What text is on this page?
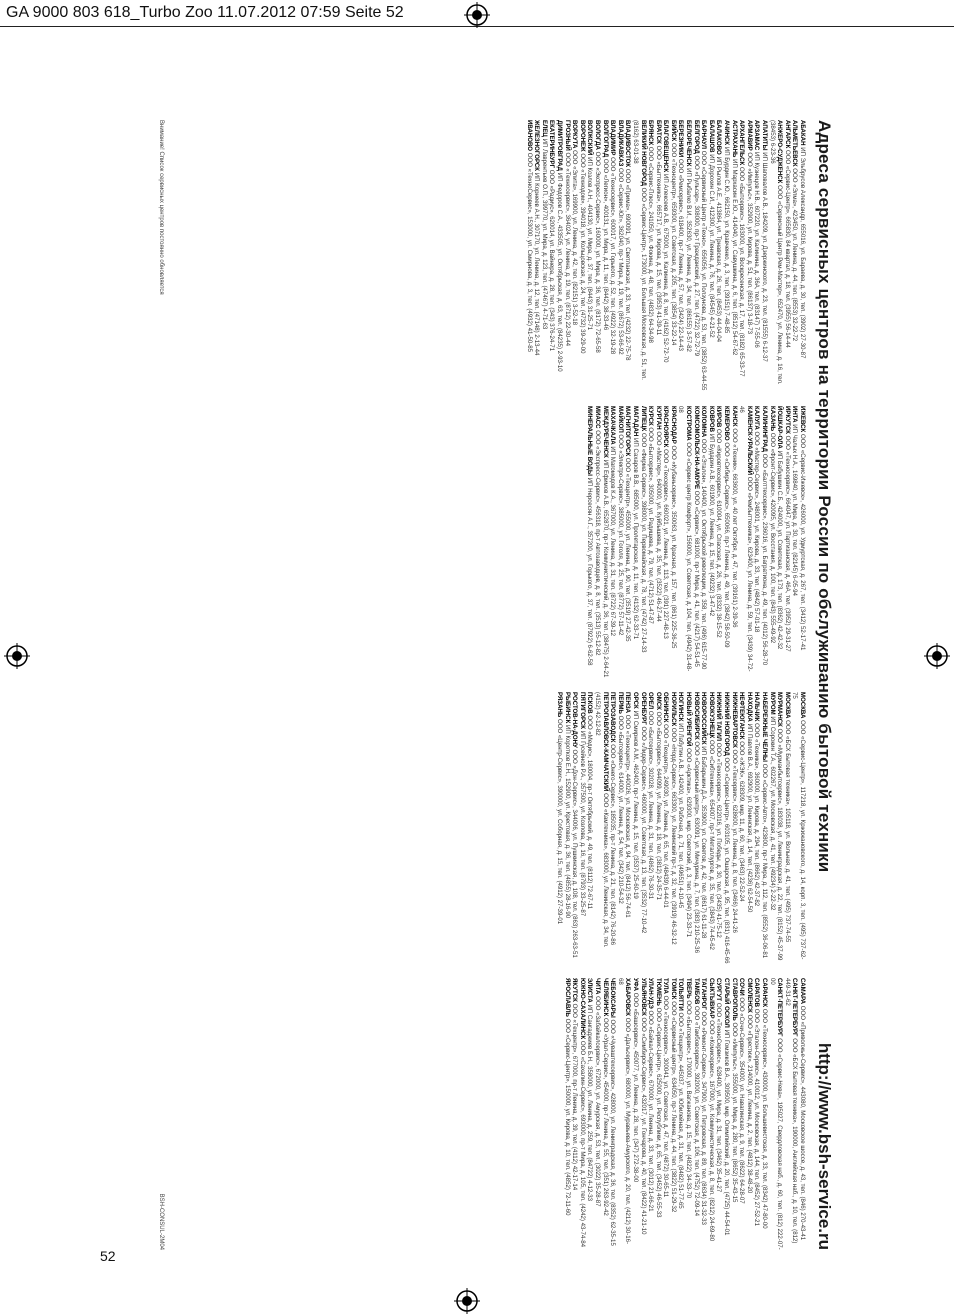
GA 9000 803 618_Turbo Zoo 11.07.2012 07:59 Seite 52
Адреса сервисных центров на территории России по обслуживанию бытовой техники
http://www.bsh-service.ru

АБАКАН ИП Эльбрусов Александр, 655016, ул. Бараева, д. 30, тел. (3902) 27-30-87

АЛЬМЕТЬЕВСК ООО «Элма», 423450, ул. Ленина, д. 44, тел. (8553) 32-22-72

АНГАРСК ООО «Сервис-Центр», 665830, 84 квартал, д. 18, тел. (3955) 56-14-44

АНЖЕРО-СУДЖЕНСК ООО «Сервисный Центр Рем-Мастер», 652470, ул. Ленина, д. 16, тел. (38453) 6-23-36

АПАТИТЫ ИП Шаповалов А.В., 184209, ул. Дзержинского, д. 23, тел. (81555) 6-12-37

АРЗАМАС ИП Кузнецов Н.В., 607220, ул. Калинина, д. 36А, тел. (83147) 7-55-06

АРМАВИР ООО «Импульс», 352900, ул. Кирова, д. 51, тел. (86137) 3-18-73

АРХАНГЕЛЬСК ООО «Бытсервис», 163000, ул. Воскресенская, д. 17, тел. (8182) 65-33-77

АСТРАХАНЬ ИП Мархасин Е.Ю., 414040, ул. Савушкина, д. 6, тел. (8512) 54-67-62

АЧИНСК ИП Бурдин С.Ю., 662150, ул. Кравченко, д. 3, тел. (39151) 7-48-85

БАЛАКОВО ИП Рылов А.Е., 413864, ул. Трнавская, д. 26, тел. (8453) 44-04-04

БАЛАШОВ ИП Дорохин С.И., 412300, ул. Ленина, д. 76, тел. (84545) 4-21-52

БАРНАУЛ ООО «Сервисный Центр «Техно», 656056, ул. Ползунова, д. 53, тел. (3852) 63-44-55

БЕЛГОРОД ООО «Пульсар», 308000, пр-т Гражданский, д. 27, тел. (4722) 32-72-79

БЕЛОРЕЧЕНСК ИП Рыбалко В.И., 352630, ул. Ленина, д. 34, тел. (86155) 3-57-82

БЕРЕЗНИКИ ООО «Ремсервис», 618400, пр-т Ленина, д. 57, тел. (3424) 22-14-43

БИЙСК ООО «Техноцентр», 659300, ул. Советская, д. 205, тел. (3854) 33-22-14

БЛАГОВЕЩЕНСК ИП Алексеев А.В., 675000, ул. Калинина, д. 8, тел. (4162) 52-72-70

БРАТСК ООО «Быттехника», 665717, ул. Кирова, д. 15, тел. (3953) 41-39-11

БРЯНСК ООО «Сервис-Плюс», 241050, ул. Фокина, д. 48, тел. (4832) 64-34-98

ВЕЛИКИЙ НОВГОРОД ООО «Сервис-Центр», 173000, ул. Большая Московская, д. 51, тел. (8162) 63-01-38

ВЛАДИВОСТОК ООО «Прима», 690091, ул. Светланская, д. 33, тел. (4232) 22-75-78

ВЛАДИКАВКАЗ ООО «Сервис-Юг», 362040, пр-т Мира, д. 19, тел. (8672) 53-66-92

ВЛАДИМИР ООО «Техносервис», 600017, ул. Горького, д. 52, тел. (4922) 32-19-28

ВОЛГОГРАД ООО «Легион», 400131, ул. Мира, д. 11, тел. (8442) 38-33-46

ВОЛОГДА ООО «Экспресс-Сервис», 160000, ул. Мира, д. 36, тел. (8172) 72-65-58

ВОЛЖСКИЙ ИП Козлов А.Н., 404130, ул. Мира, д. 37, тел. (8443) 31-25-71

ВОРОНЕЖ ООО «Технодом», 394018, ул. Кольцовская, д. 24, тел. (4732) 39-29-00

ВОРКУТА ООО «Элита», 169900, ул. Ленина, д. 42, тел. (82151) 3-52-18

ГРОЗНЫЙ ООО «Техносервис», 364024, ул. Ленина, д. 19, тел. (8712) 22-30-44

ДИМИТРОВГРАД ИП Федоров С.А., 433505, ул. Октябрьская, д. 63, тел. (84235) 2-93-10

ЕКАТЕРИНБУРГ ООО «Радиус», 620014, ул. Вайнера, д. 28, тел. (343) 376-24-71

ЕЛЕЦ ИП Лаврентьев О.П., 399770, ул. Мира, д. 123, тел. (47467) 4-71-63

ЖЕЛЕЗНОГОРСК ИП Корнеев А.Н., 307170, ул. Ленина, д. 12, тел. (47148) 2-13-44

ИВАНОВО ООО «ТехноСервис», 153000, ул. Смирнова, д. 3, тел. (4932) 41-50-85

ИЖЕВСК ООО «Сервис-Ижевск», 426000, ул. Удмуртская, д. 267, тел. (3412) 52-17-41

ИНТА ИП Чалых Н.А., 169840, ул. Мира, д. 30, тел. (82145) 6-05-94

ИРКУТСК ООО «Техносервис», 664047, ул. Партизанская, д. 46А, тел. (3952) 29-31-27

ЙОШКАР-ОЛА ИП Бабушкин С.Б., 424000, ул. Советская, д. 173, тел. (8362) 42-42-32

КАЗАНЬ ООО «Фронт-Сервис», 420095, ул. Восстания, д. 100, тел. (843) 555-49-92

КАЛИНИНГРАД ООО «Балттехсервис», 236016, ул. Багратиона, д. 49, тел. (4012) 56-28-70

КАЛУГА ООО «Мастер-Сервис», 248001, ул. Кирова, д. 33, тел. (4842) 57-01-18

КАМЕНСК-УРАЛЬСКИЙ ООО «Рембыттехника», 623400, ул. Ленина, д. 59, тел. (3439) 34-72-46

КАНСК ООО «Техник», 663600, ул. 40 лет Октября, д. 47, тел. (39161) 2-39-36

КЕМЕРОВО ООО «Сибирь-Сервис», 650066, пр-т Ленина, д. 49, тел. (3842) 58-50-09

КИРОВ ООО «Кировтехсервис», 610004, ул. Спасская, д. 26, тел. (8332) 38-15-52

КОВРОВ ИП Бударин А.В., 601900, ул. Ленина, д. 15, тел. (49232) 3-47-42

КОЛОМНА ООО «Эталон», 140400, ул. Октябрьской революции, д. 358, тел. (496) 615-77-90

КОМСОМОЛЬСК-НА-АМУРЕ ООО «Сервис», 681000, пр-т Мира, д. 41, тел. (4217) 54-51-45

КОСТРОМА ООО «Сервис центр Комфорт», 156000, ул. Советская, д. 104, тел. (4942) 31-48-08

КРАСНОДАР ООО «Кубаньсервис», 350063, ул. Красная, д. 157, тел. (861) 225-36-25

КРАСНОЯРСК ООО «Техсервис», 660021, ул. Ленина, д. 113, тел. (391) 227-48-13

КУРГАН ООО «Мастер», 640000, ул. Куйбышева, д. 35, тел. (3522) 46-27-44

КУРСК ООО «Бытсервис», 305000, ул. Радищева, д. 79, тел. (4712) 51-47-87

ЛИПЕЦК ООО «Фирма Сервис», 398000, ул. Первомайская, д. 78, тел. (4742) 27-14-33

МАГАДАН ИП Сахаров В.В., 685000, ул. Пролетарская, д. 11, тел. (4132) 62-33-71

МАГНИТОГОРСК ООО «Техцентр», 455000, ул. Ленина, д. 90, тел. (3519) 27-42-35

МАЙКОП ООО «Электро-Сервис», 385000, ул. Гоголя, д. 25, тел. (8772) 57-11-42

МАХАЧКАЛА ИП Магомедов К.А., 367000, ул. Ленина, д. 31, тел. (8722) 67-39-12

МЕЖДУРЕЧЕНСК ИП Ефимов А.В., 652870, пр-т Коммунистический, д. 36, тел. (38475) 2-64-21

МИАСС ООО «Экспресс-Сервис», 456318, пр-т Автозаводцев, д. 8, тел. (3513) 55-12-82

МИНЕРАЛЬНЫЕ ВОДЫ ИП Нерсесян А.Г., 357200, ул. Горького, д. 37, тел. (87922) 6-62-58

МОСКВА ООО «Сервис-Центр», 117218, ул. Кржижановского, д. 14, корп. 3, тел. (495) 737-62-75

МОСКВА ООО «БСХ Бытовая техника», 105118, ул. Вольная, д. 41, тел. (495) 737-74-55

МУРМАНСК ООО «Мурманбытсервис», 183038, ул. Ленинградская, д. 22, тел. (8152) 45-37-99

МУРОМ ИП Сорокин Т.А., 602267, ул. Московская, д. 41, тел. (49234) 2-22-32

НАБЕРЕЖНЫЕ ЧЕЛНЫ ООО «Сервис-Авто», 423800, пр-т Мира, д. 112, тел. (8552) 36-06-81

НАЛЬЧИК ООО «Техника», 360000, ул. Кирова, д. 294, тел. (8662) 42-37-82

НАХОДКА ИП Павлов В.А., 692900, ул. Ленинская, д. 14, тел. (4236) 62-54-50

НЕФТЕЮГАНСК ООО «ЖЭК», 628309, мкр. 11, д. 60, тел. (3463) 22-52-24

НИЖНЕВАРТОВСК ООО «Техсервис», 628600, ул. Ленина, д. 8, тел. (3466) 24-41-26

НИЖНИЙ НОВГОРОД ООО «Сервис-Центр», 603105, ул. Ошарская, д. 95, тел. (831) 416-45-66

НИЖНИЙ ТАГИЛ ООО «Техносервис», 622016, ул. Победы, д. 30, тел. (3435) 41-75-12

НОВОКУЗНЕЦК ООО «Сибтехника», 654007, пр-т Металлургов, д. 35, тел. (3843) 74-45-62

НОВОРОССИЙСК ИП Бабарыкин Д.А., 353900, ул. Советов, д. 42, тел. (8617) 61-11-28

НОВОСИБИРСК ООО «Сервисный центр», 630091, ул. Мичурина, д. 7, тел. (383) 210-25-36

НОВЫЙ УРЕНГОЙ ООО «Арктика», 629300, мкр. Советский, д. 3, тел. (3494) 23-33-71

НОГИНСК ИП Лабутин А.В., 142400, ул. Рабочая, д. 71, тел. (49651) 4-10-45

НОРИЛЬСК ООО «Норд-Сервис», 663300, ул. Ленинский пр-т, д. 32, тел. (3919) 46-32-12

ОБНИНСК ООО «Техцентр», 249030, ул. Ленина, д. 65, тел. (48439) 6-44-01

ОМСК ООО «Бытсервис», 644099, ул. Ленина, д. 18, тел. (3812) 24-35-71

ОРЕЛ ООО «Бытсервис», 302028, ул. Ленина, д. 31, тел. (4862) 76-30-31

ОРЕНБУРГ ООО «Лидер-Сервис», 460000, ул. Советская, д. 13, тел. (3532) 77-10-42

ОРСК ИП Смирнов А.М., 462400, пр-т Ленина, д. 15, тел. (3537) 25-60-19

ПЕНЗА ООО «Техноцентр», 440026, ул. Московская, д. 94, тел. (8412) 56-74-61

ПЕРМЬ ООО «Бытсервис», 614000, ул. Ленина, д. 54, тел. (342) 210-54-32

ПЕТРОЗАВОДСК ООО «Онего-Сервис», 185035, пр-т Ленина, д. 21, тел. (8142) 76-20-86

ПЕТРОПАВЛОВСК-КАМЧАТСКИЙ ООО «Камтехника», 683000, ул. Ленинская, д. 34, тел. (4152) 42-12-82

ПСКОВ ООО «Медис», 180004, пр-т Октябрьский, д. 49, тел. (8112) 72-67-11

ПЯТИГОРСК ИП Гусейнов Р.А., 357500, ул. Козлова, д. 16, тел. (8793) 33-25-87

РОСТОВ-НА-ДОНУ ООО «Дон-Сервис», 344006, ул. Пушкинская, д. 108, тел. (863) 263-63-51

РЫБИНСК ИП Коротков Е.Н., 152900, ул. Крестовая, д. 36, тел. (4855) 28-16-90

РЯЗАНЬ ООО «Центр-Сервис», 390000, ул. Соборная, д. 15, тел. (4912) 27-39-01

САМАРА ООО «Приволжье-Сервис», 443080, Московское шоссе, д. 43, тел. (846) 270-43-41

САНКТ-ПЕТЕРБУРГ ООО «БСХ Бытовая техника», 190000, Английская наб., д. 10, тел. (812) 449-31-62

САНКТ-ПЕТЕРБУРГ ООО «Сервис-Нева», 195027, Свердловская наб., д. 60, тел. (812) 222-07-00

САРАНСК ООО «Техносервис», 430000, ул. Большевистская, д. 33, тел. (8342) 47-80-00

САРАТОВ ООО «Эталон-Сервис», 410012, ул. Московская, д. 144, тел. (8452) 27-52-21

СМОЛЕНСК ООО «Престиж», 214000, ул. Ленина, д. 2, тел. (4812) 38-48-20

СОЧИ ООО «Сочи-Сервис», 354000, ул. Навагинская, д. 9, тел. (8622) 64-28-07

СТАВРОПОЛЬ ООО «Импульс», 355000, ул. Мира, д. 280, тел. (8652) 35-43-15

СТАРЫЙ ОСКОЛ ИП Гомзиков В.А., 309500, мкр. Олимпийский, д. 20, тел. (4725) 44-54-01

СУРГУТ ООО «ТехноСервис», 628400, ул. Мира, д. 31, тел. (3462) 35-41-27

СЫКТЫВКАР ООО «Комисервис», 167000, ул. Коммунистическая, д. 8, тел. (8212) 24-69-80

ТАГАНРОГ ООО «Ремонт-Сервис», 347900, ул. Петровская, д. 89, тел. (8634) 31-32-33

ТАМБОВ ООО «Тамбовсервис», 392000, ул. Советская, д. 106, тел. (4752) 72-09-14

ТВЕРЬ ООО «Бытсервис», 170000, ул. Вагжанова, д. 15, тел. (4822) 34-33-70

ТОЛЬЯТТИ ООО «Техцентр», 445037, ул. Юбилейная, д. 31, тел. (8482) 51-77-65

ТОМСК ООО «Сервисный центр», 634050, пр-т Ленина, д. 44, тел. (3822) 51-29-32

ТУЛА ООО «Техносервис», 300041, ул. Советская, д. 47, тел. (4872) 30-65-11

ТЮМЕНЬ ООО «Сервис-Центр», 625000, ул. Республики, д. 65, тел. (3452) 46-55-33

УЛАН-УДЭ ООО «Байкал-Сервис», 670000, ул. Ленина, д. 33, тел. (3012) 21-66-21

УЛЬЯНОВСК ООО «Симбирск-Сервис», 432017, ул. Гончарова, д. 40, тел. (8422) 41-21-10

УФА ООО «Башсервис», 450077, ул. Ленина, д. 28, тел. (347) 272-38-00

ХАБАРОВСК ООО «Дальсервис», 680000, ул. Муравьева-Амурского, д. 20, тел. (4212) 30-16-68

ЧЕБОКСАРЫ ООО «Чуваштехсервис», 428000, ул. Ленинградская, д. 36, тел. (8352) 62-35-15

ЧЕЛЯБИНСК ООО «Урал-Сервис», 454000, пр-т Ленина, д. 55, тел. (351) 263-92-42

ЧИТА ООО «Забайкалсервис», 672000, ул. Амурская, д. 53, тел. (3022) 35-28-87

ЭЛИСТА ИП Сангаджиев Б.Н., 358000, ул. Ленина, д. 259, тел. (84722) 4-12-33

ЮЖНО-САХАЛИНСК ООО «Сахалин-Сервис», 693000, пр-т Мира, д. 105, тел. (4242) 43-74-84

ЯКУТСК ООО «Техцентр», 677000, пр-т Ленина, д. 39, тел. (4112) 42-17-14

ЯРОСЛАВЛЬ ООО «Сервис-Центр», 150000, ул. Кирова, д. 10, тел. (4852) 72-11-60

Внимание! Список сервисных центров постоянно обновляется
BSH-CONSUL-2M04
52
